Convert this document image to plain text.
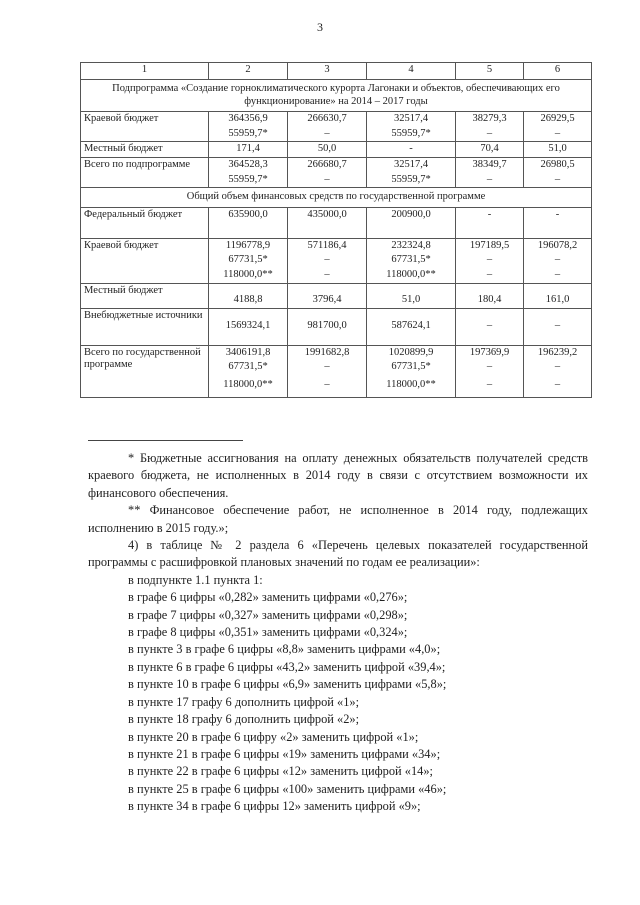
3
1	2	3	4	5	6
Подпрограмма «Создание горноклиматического курорта Лагонаки и объектов, обеспечивающих его функционирование» на 2014 – 2017 годы					
Краевой бюджет	364356,9	266630,7	32517,4	38279,3	26929,5
	55959,7*	–	55959,7*	–	–
Местный бюджет	171,4	50,0	-	70,4	51,0
Всего по подпрограмме	364528,3	266680,7	32517,4	38349,7	26980,5
	55959,7*	–	55959,7*	–	–
Общий объем финансовых средств по государственной программе					
Федеральный бюджет	635900,0	435000,0	200900,0	-	-
Краевой бюджет	1196778,9	571186,4	232324,8	197189,5	196078,2
	67731,5*	–	67731,5*	–	–
	118000,0**	–	118000,0**	–	–
Местный бюджет	4188,8	3796,4	51,0	180,4	161,0
Внебюджетные источники	1569324,1	981700,0	587624,1	–	–
Всего по государственной программе	3406191,8	1991682,8	1020899,9	197369,9	196239,2
	67731,5*	–	67731,5*	–	–
	118000,0**	–	118000,0**	–	–

* Бюджетные ассигнования на оплату денежных обязательств получателей средств краевого бюджета, не исполненных в 2014 году в связи с отсутствием возможности их финансового обеспечения.

** Финансовое обеспечение работ, не исполненное в 2014 году, подлежащих исполнению в 2015 году.»;

4) в таблице № 2 раздела 6 «Перечень целевых показателей государственной программы с расшифровкой плановых значений по годам ее реализации»:

в подпункте 1.1 пункта 1:

в графе 6 цифры «0,282» заменить цифрами «0,276»;

в графе 7 цифры «0,327» заменить цифрами «0,298»;

в графе 8 цифры «0,351» заменить цифрами «0,324»;

в пункте 3 в графе 6 цифры «8,8» заменить цифрами «4,0»;

в пункте 6 в графе 6 цифры «43,2» заменить цифрой «39,4»;

в пункте 10 в графе 6 цифры «6,9» заменить цифрами «5,8»;

в пункте 17 графу 6 дополнить цифрой «1»;

в пункте 18 графу 6 дополнить цифрой «2»;

в пункте 20 в графе 6 цифру «2» заменить цифрой «1»;

в пункте 21 в графе 6 цифры «19» заменить цифрами «34»;

в пункте 22 в графе 6 цифры «12» заменить цифрой «14»;

в пункте 25 в графе 6 цифры «100» заменить цифрами «46»;

в пункте 34 в графе 6 цифры 12» заменить цифрой «9»;
